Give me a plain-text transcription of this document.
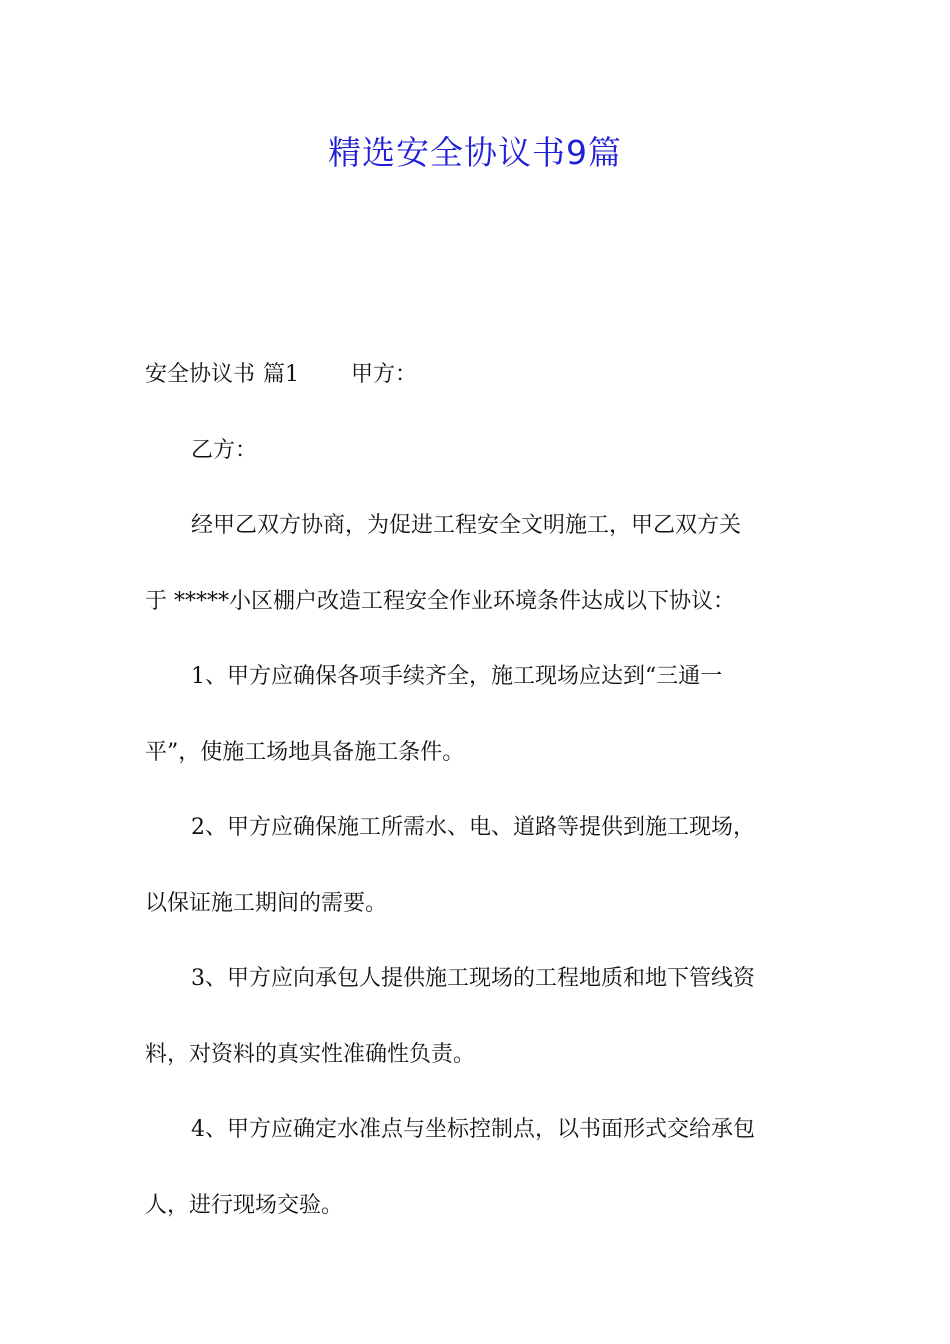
精选安全协议书9篇
安全协议书 篇1 甲方：
乙方：
经甲乙双方协商，为促进工程安全文明施工，甲乙双方关
于 *****小区棚户改造工程安全作业环境条件达成以下协议：
1、甲方应确保各项手续齐全，施工现场应达到“三通一
平”，使施工场地具备施工条件。
2、甲方应确保施工所需水、电、道路等提供到施工现场，
以保证施工期间的需要。
3、甲方应向承包人提供施工现场的工程地质和地下管线资
料，对资料的真实性准确性负责。
4、甲方应确定水准点与坐标控制点，以书面形式交给承包
人，进行现场交验。
